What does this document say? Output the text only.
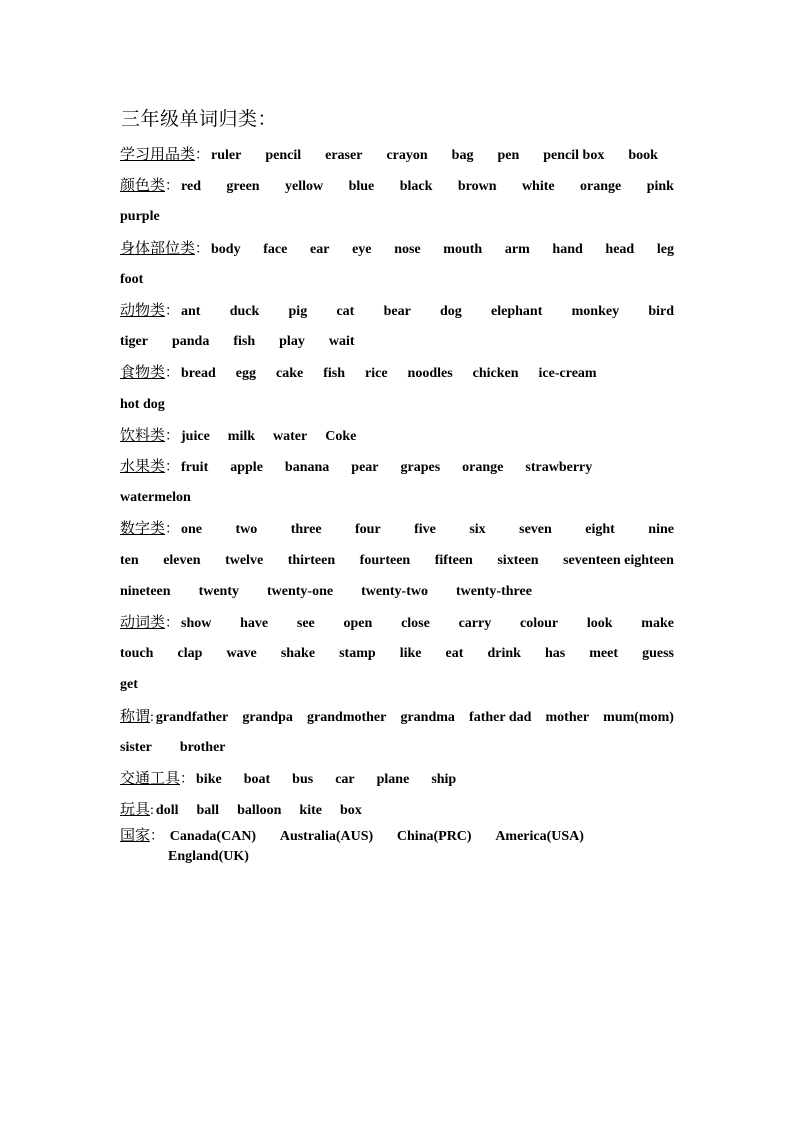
三年级单词归类：
学习用品类： ruler pencil eraser crayon bag pen pencil box book
颜色类： red green yellow blue black brown white orange pink
purple
身体部位类： body face ear eye nose mouth arm hand head leg
foot
动物类： ant duck pig cat bear dog elephant monkey bird
tiger panda fish play wait
食物类： bread egg cake fish rice noodles chicken ice-cream
hot dog
饮料类： juice milk water Coke
水果类： fruit apple banana pear grapes orange strawberry
watermelon
数字类： one two three four five six seven eight nine
ten eleven twelve thirteen fourteen fifteen sixteen seventeen eighteen
nineteen twenty twenty-one twenty-two twenty-three
动词类： show have see open close carry colour look make
touch clap wave shake stamp like eat drink has meet guess
get
称谓: grandfather grandpa grandmother grandma father dad mother mum(mom)
sister brother
交通工具： bike boat bus car plane ship
玩具: doll ball balloon kite box
国家： Canada(CAN) Australia(AUS) China(PRC) America(USA)
England(UK)
